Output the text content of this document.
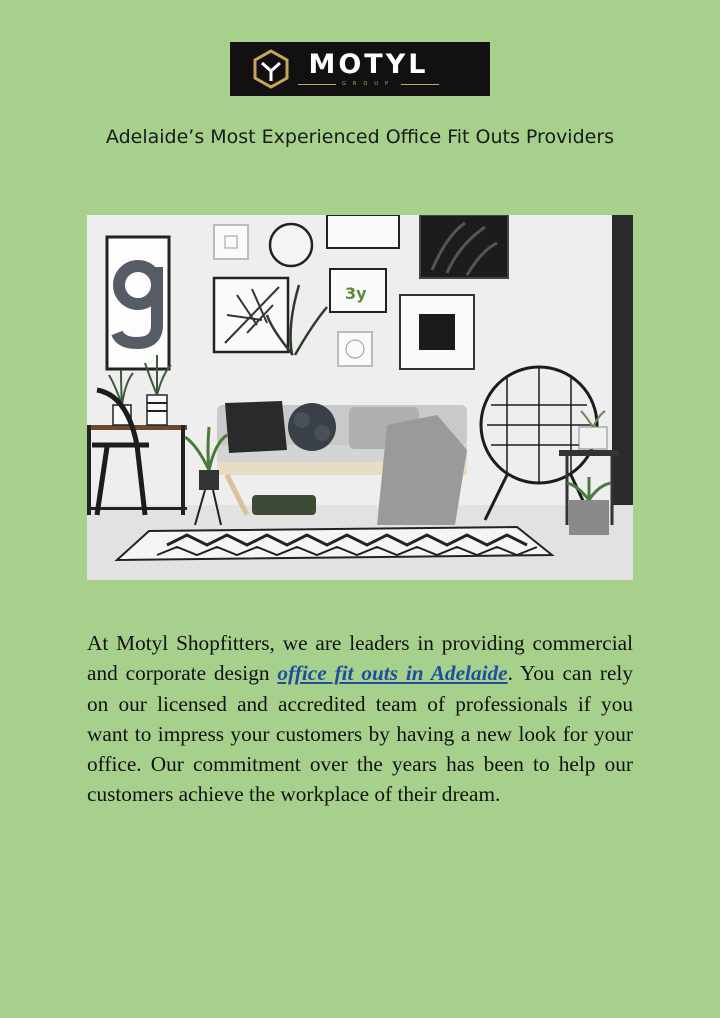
MOTYL
GROUP
Adelaide’s Most Experienced Office Fit Outs Providers
3y

At Motyl Shopfitters, we are leaders in providing commercial and corporate design office fit outs in Adelaide. You can rely on our licensed and accredited team of professionals if you want to impress your customers by having a new look for your office. Our commitment over the years has been to help our customers achieve the workplace of their dream.
